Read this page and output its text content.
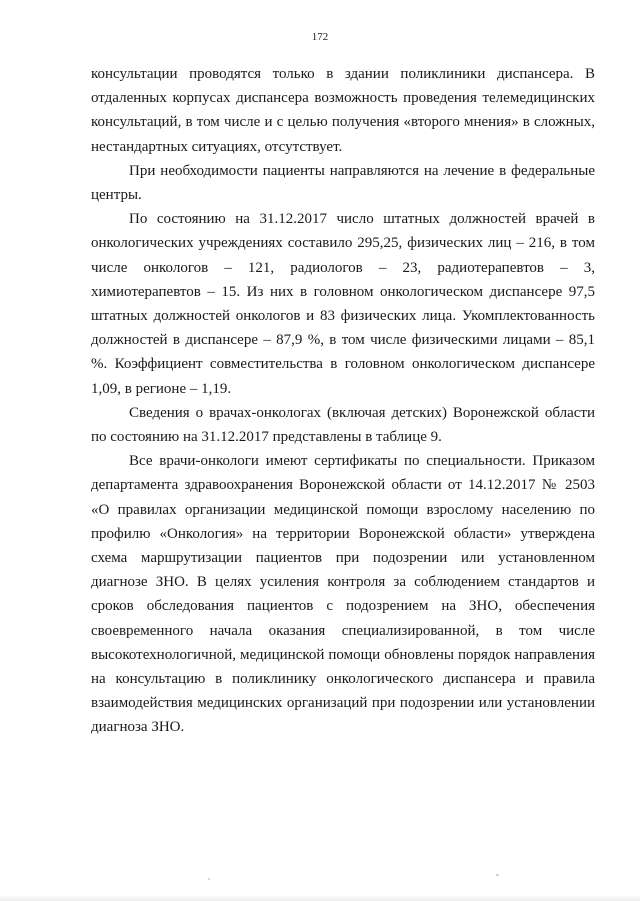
172

консультации проводятся только в здании поликлиники диспансера. В отдаленных корпусах диспансера возможность проведения телемедицинских консультаций, в том числе и с целью получения «второго мнения» в сложных, нестандартных ситуациях, отсутствует.

При необходимости пациенты направляются на лечение в федеральные центры.

По состоянию на 31.12.2017 число штатных должностей врачей в онкологических учреждениях составило 295,25, физических лиц – 216, в том числе онкологов – 121, радиологов – 23, радиотерапевтов – 3, химиотерапевтов – 15. Из них в головном онкологическом диспансере 97,5 штатных должностей онкологов и 83 физических лица. Укомплектованность должностей в диспансере – 87,9 %, в том числе физическими лицами – 85,1 %. Коэффициент совместительства в головном онкологическом диспансере 1,09, в регионе – 1,19.

Сведения о врачах-онкологах (включая детских) Воронежской области по состоянию на 31.12.2017 представлены в таблице 9.

Все врачи-онкологи имеют сертификаты по специальности. Приказом департамента здравоохранения Воронежской области от 14.12.2017 № 2503 «О правилах организации медицинской помощи взрослому населению по профилю «Онкология» на территории Воронежской области» утверждена схема маршрутизации пациентов при подозрении или установленном диагнозе ЗНО. В целях усиления контроля за соблюдением стандартов и сроков обследования пациентов с подозрением на ЗНО, обеспечения своевременного начала оказания специализированной, в том числе высокотехнологичной, медицинской помощи обновлены порядок направления на консультацию в поликлинику онкологического диспансера и правила взаимодействия медицинских организаций при подозрении или установлении диагноза ЗНО.
